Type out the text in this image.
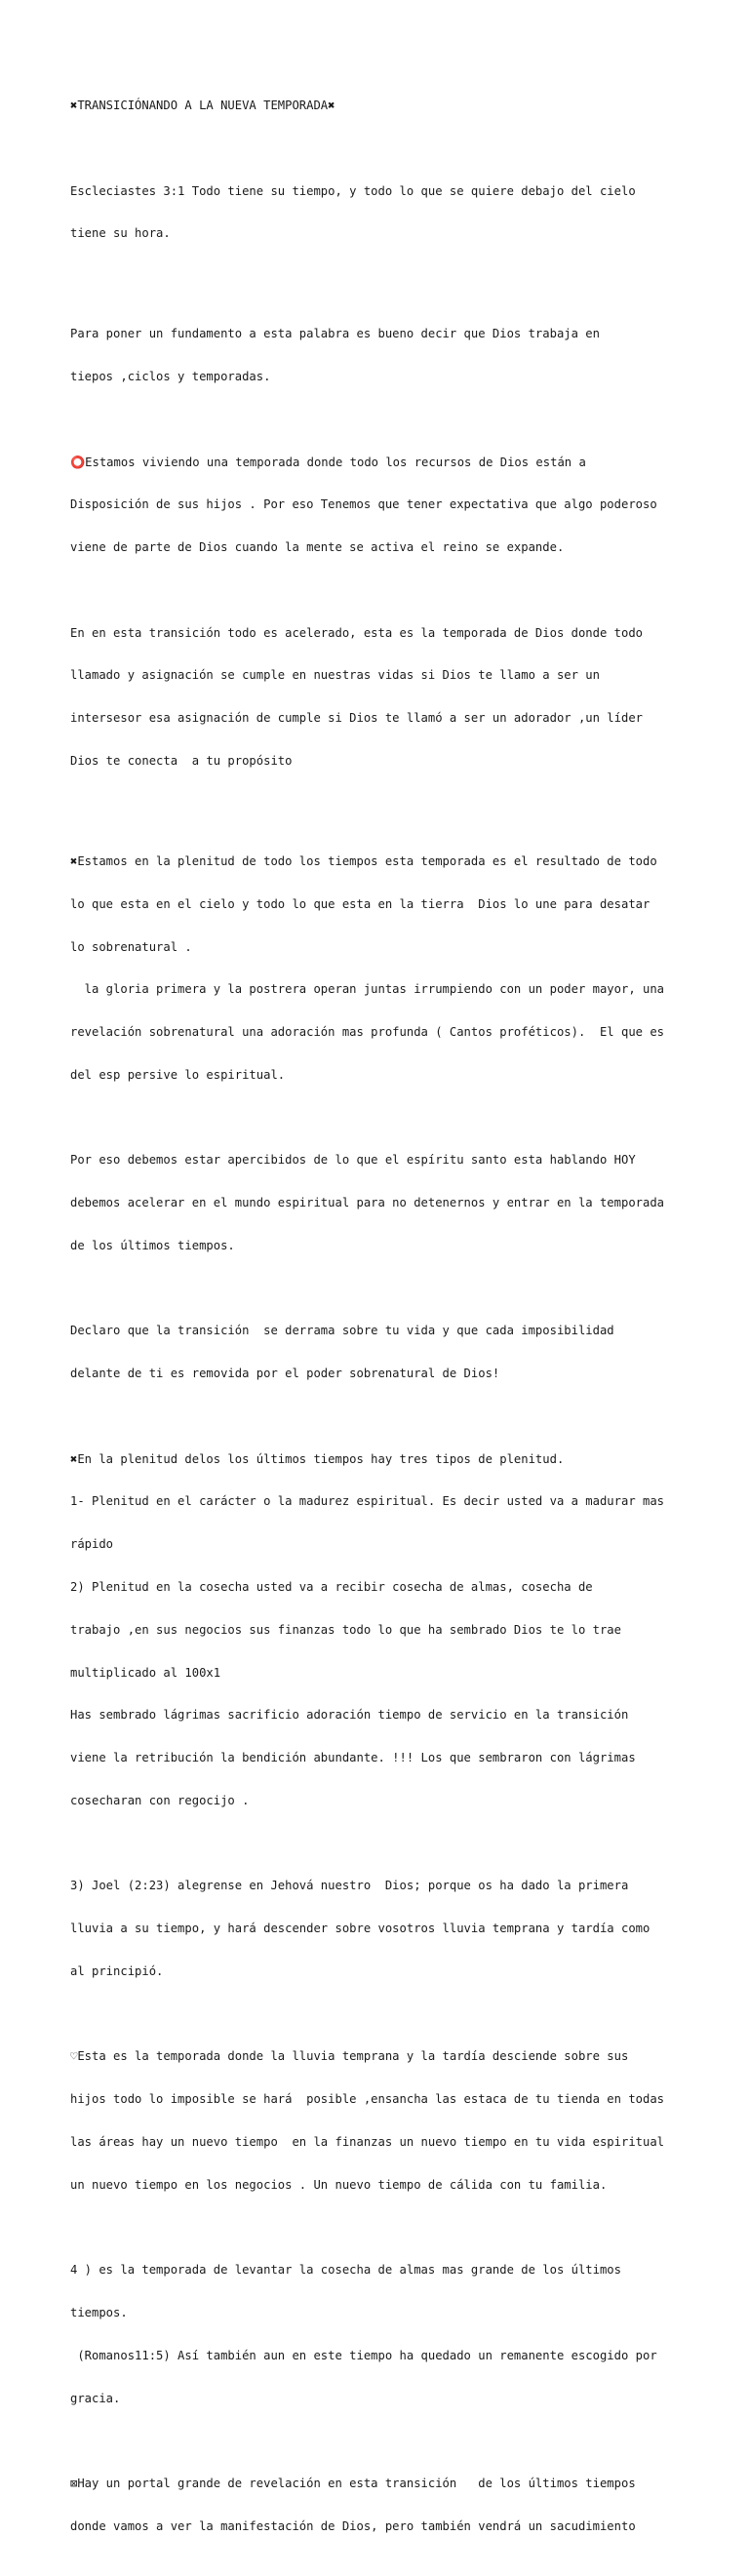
✖TRANSICIÓNANDO A LA NUEVA TEMPORADA✖

Escleciastes 3:1 Todo tiene su tiempo, y todo lo que se quiere debajo del cielo

tiene su hora.

Para poner un fundamento a esta palabra es bueno decir que Dios trabaja en

tiepos ,ciclos y temporadas.

⭕Estamos viviendo una temporada donde todo los recursos de Dios están a

Disposición de sus hijos . Por eso Tenemos que tener expectativa que algo poderoso

viene de parte de Dios cuando la mente se activa el reino se expande.

En en esta transición todo es acelerado, esta es la temporada de Dios donde todo

llamado y asignación se cumple en nuestras vidas si Dios te llamo a ser un

intersesor esa asignación de cumple si Dios te llamó a ser un adorador ,un líder

Dios te conecta  a tu propósito

✖Estamos en la plenitud de todo los tiempos esta temporada es el resultado de todo

lo que esta en el cielo y todo lo que esta en la tierra  Dios lo une para desatar

lo sobrenatural .

la gloria primera y la postrera operan juntas irrumpiendo con un poder mayor, una

revelación sobrenatural una adoración mas profunda ( Cantos proféticos).  El que es

del esp persive lo espiritual.

Por eso debemos estar apercibidos de lo que el espíritu santo esta hablando HOY

debemos acelerar en el mundo espiritual para no detenernos y entrar en la temporada

de los últimos tiempos.

Declaro que la transición  se derrama sobre tu vida y que cada imposibilidad

delante de ti es removida por el poder sobrenatural de Dios!

✖En la plenitud delos los últimos tiempos hay tres tipos de plenitud.

1- Plenitud en el carácter o la madurez espiritual. Es decir usted va a madurar mas

rápido

2) Plenitud en la cosecha usted va a recibir cosecha de almas, cosecha de

trabajo ,en sus negocios sus finanzas todo lo que ha sembrado Dios te lo trae

multiplicado al 100x1

Has sembrado lágrimas sacrificio adoración tiempo de servicio en la transición

viene la retribución la bendición abundante. !!! Los que sembraron con lágrimas

cosecharan con regocijo .

3) Joel (2:23) alegrense en Jehová nuestro  Dios; porque os ha dado la primera

lluvia a su tiempo, y hará descender sobre vosotros lluvia temprana y tardía como

al principió.

♡Esta es la temporada donde la lluvia temprana y la tardía desciende sobre sus

hijos todo lo imposible se hará  posible ,ensancha las estaca de tu tienda en todas

las áreas hay un nuevo tiempo  en la finanzas un nuevo tiempo en tu vida espiritual

un nuevo tiempo en los negocios . Un nuevo tiempo de cálida con tu familia.

4 ) es la temporada de levantar la cosecha de almas mas grande de los últimos

tiempos.

(Romanos11:5) Así también aun en este tiempo ha quedado un remanente escogido por

gracia.

⊠Hay un portal grande de revelación en esta transición   de los últimos tiempos

donde vamos a ver la manifestación de Dios, pero también vendrá un sacudimiento
